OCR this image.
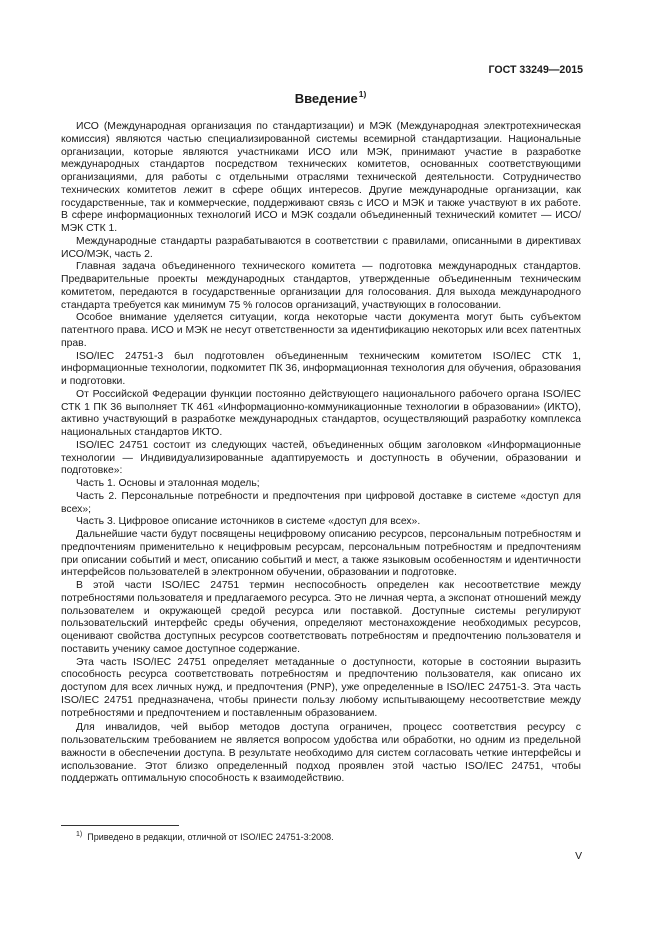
ГОСТ 33249—2015
Введение$^{1)}$

ИСО (Международная организация по стандартизации) и МЭК (Международная электротехническая комиссия) являются частью специализированной системы всемирной стандартизации. Национальные организации, которые являются участниками ИСО или МЭК, принимают участие в разработке международных стандартов посредством технических комитетов, основанных соответствующими организациями, для работы с отдельными отраслями технической деятельности. Сотрудничество технических комитетов лежит в сфере общих интересов. Другие международные организации, как государственные, так и коммерческие, поддерживают связь с ИСО и МЭК и также участвуют в их работе. В сфере информационных технологий ИСО и МЭК создали объединенный технический комитет — ИСО/МЭК СТК 1.

Международные стандарты разрабатываются в соответствии с правилами, описанными в директивах ИСО/МЭК, часть 2.

Главная задача объединенного технического комитета — подготовка международных стандартов. Предварительные проекты международных стандартов, утвержденные объединенным техническим комитетом, передаются в государственные организации для голосования. Для выхода международного стандарта требуется как минимум 75 % голосов организаций, участвующих в голосовании.

Особое внимание уделяется ситуации, когда некоторые части документа могут быть субъектом патентного права. ИСО и МЭК не несут ответственности за идентификацию некоторых или всех патентных прав.

ISO/IEC 24751-3 был подготовлен объединенным техническим комитетом ISO/IEC СТК 1, информационные технологии, подкомитет ПК 36, информационная технология для обучения, образования и подготовки.

От Российской Федерации функции постоянно действующего национального рабочего органа ISO/IEC СТК 1 ПК 36 выполняет ТК 461 «Информационно-коммуникационные технологии в образовании» (ИКТО), активно участвующий в разработке международных стандартов, осуществляющий разработку комплекса национальных стандартов ИКТО.

ISO/IEC 24751 состоит из следующих частей, объединенных общим заголовком «Информационные технологии — Индивидуализированные адаптируемость и доступность в обучении, образовании и подготовке»:

Часть 1. Основы и эталонная модель;

Часть 2. Персональные потребности и предпочтения при цифровой доставке в системе «доступ для всех»;

Часть 3. Цифровое описание источников в системе «доступ для всех».

Дальнейшие части будут посвящены нецифровому описанию ресурсов, персональным потребностям и предпочтениям применительно к нецифровым ресурсам, персональным потребностям и предпочтениям при описании событий и мест, описанию событий и мест, а также языковым особенностям и идентичности интерфейсов пользователей в электронном обучении, образовании и подготовке.

В этой части ISO/IEC 24751 термин неспособность определен как несоответствие между потребностями пользователя и предлагаемого ресурса. Это не личная черта, а экспонат отношений между пользователем и окружающей средой ресурса или поставкой. Доступные системы регулируют пользовательский интерфейс среды обучения, определяют местонахождение необходимых ресурсов, оценивают свойства доступных ресурсов соответствовать потребностям и предпочтению пользователя и поставить ученику самое доступное содержание.

Эта часть ISO/IEC 24751 определяет метаданные о доступности, которые в состоянии выразить способность ресурса соответствовать потребностям и предпочтению пользователя, как описано их доступом для всех личных нужд, и предпочтения (PNP), уже определенные в ISO/IEC 24751-3. Эта часть ISO/IEC 24751 предназначена, чтобы принести пользу любому испытывающему несоответствие между потребностями и предпочтением и поставленным образованием.

Для инвалидов, чей выбор методов доступа ограничен, процесс соответствия ресурсу с пользовательским требованием не является вопросом удобства или обработки, но одним из предельной важности в обеспечении доступа. В результате необходимо для систем согласовать четкие интерфейсы и использование. Этот близко определенный подход проявлен этой частью ISO/IEC 24751, чтобы поддержать оптимальную способность к взаимодействию.

$^{1)}$ Приведено в редакции, отличной от ISO/IEC 24751-3:2008.
V
